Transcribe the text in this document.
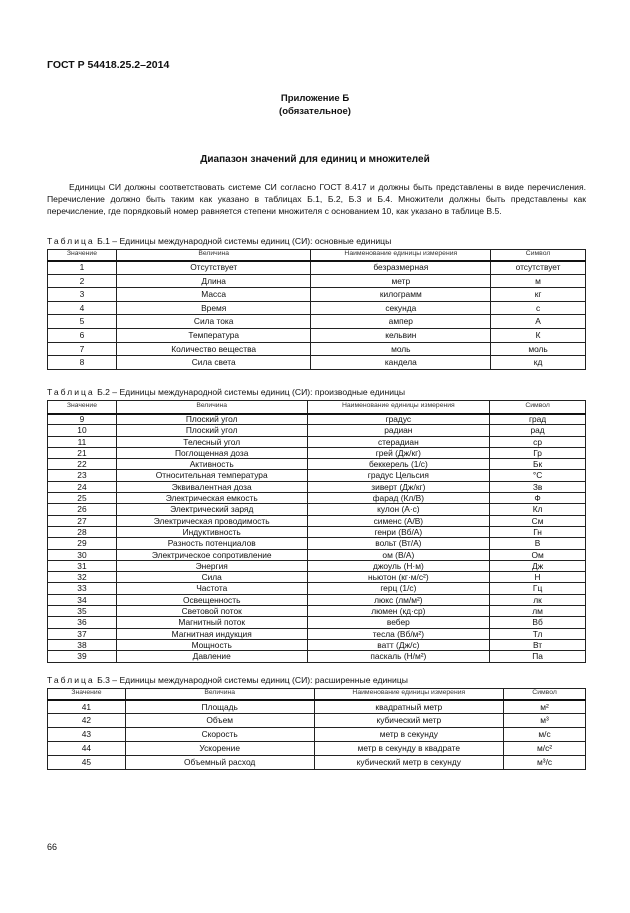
ГОСТ Р 54418.25.2–2014
Приложение Б
(обязательное)
Диапазон значений для единиц и множителей
Единицы СИ должны соответствовать системе СИ согласно ГОСТ 8.417 и должны быть представлены в виде перечисления. Перечисление должно быть таким как указано в таблицах Б.1, Б.2, Б.3 и Б.4. Множители должны быть представлены как перечисление, где порядковый номер равняется степени множителя с основанием 10, как указано в таблице В.5.
Таблица Б.1 – Единицы международной системы единиц (СИ): основные единицы
Значение	Величина	Наименование единицы измерения	Символ
1	Отсутствует	безразмерная	отсутствует
2	Длина	метр	м
3	Масса	килограмм	кг
4	Время	секунда	с
5	Сила тока	ампер	А
6	Температура	кельвин	К
7	Количество вещества	моль	моль
8	Сила света	кандела	кд
Таблица Б.2 – Единицы международной системы единиц (СИ): производные единицы
Значение	Величина	Наименование единицы измерения	Символ
9	Плоский угол	градус	град
10	Плоский угол	радиан	рад
11	Телесный угол	стерадиан	ср
21	Поглощенная доза	грей (Дж/кг)	Гр
22	Активность	беккерель (1/с)	Бк
23	Относительная температура	градус Цельсия	°С
24	Эквивалентная доза	зиверт (Дж/кг)	Зв
25	Электрическая емкость	фарад (Кл/В)	Ф
26	Электрический заряд	кулон (А·с)	Кл
27	Электрическая проводимость	сименс (А/В)	См
28	Индуктивность	генри (Вб/А)	Гн
29	Разность потенциалов	вольт (Вт/А)	В
30	Электрическое сопротивление	ом (В/А)	Ом
31	Энергия	джоуль (Н·м)	Дж
32	Сила	ньютон (кг·м/с²)	Н
33	Частота	герц (1/с)	Гц
34	Освещенность	люкс (лм/м²)	лк
35	Световой поток	люмен (кд·ср)	лм
36	Магнитный поток	вебер	Вб
37	Магнитная индукция	тесла (Вб/м²)	Тл
38	Мощность	ватт (Дж/с)	Вт
39	Давление	паскаль (Н/м²)	Па
Таблица Б.3 – Единицы международной системы единиц (СИ): расширенные единицы
Значение	Величина	Наименование единицы измерения	Символ
41	Площадь	квадратный метр	м²
42	Объем	кубический метр	м³
43	Скорость	метр в секунду	м/с
44	Ускорение	метр в секунду в квадрате	м/с²
45	Объемный расход	кубический метр в секунду	м³/с
66
